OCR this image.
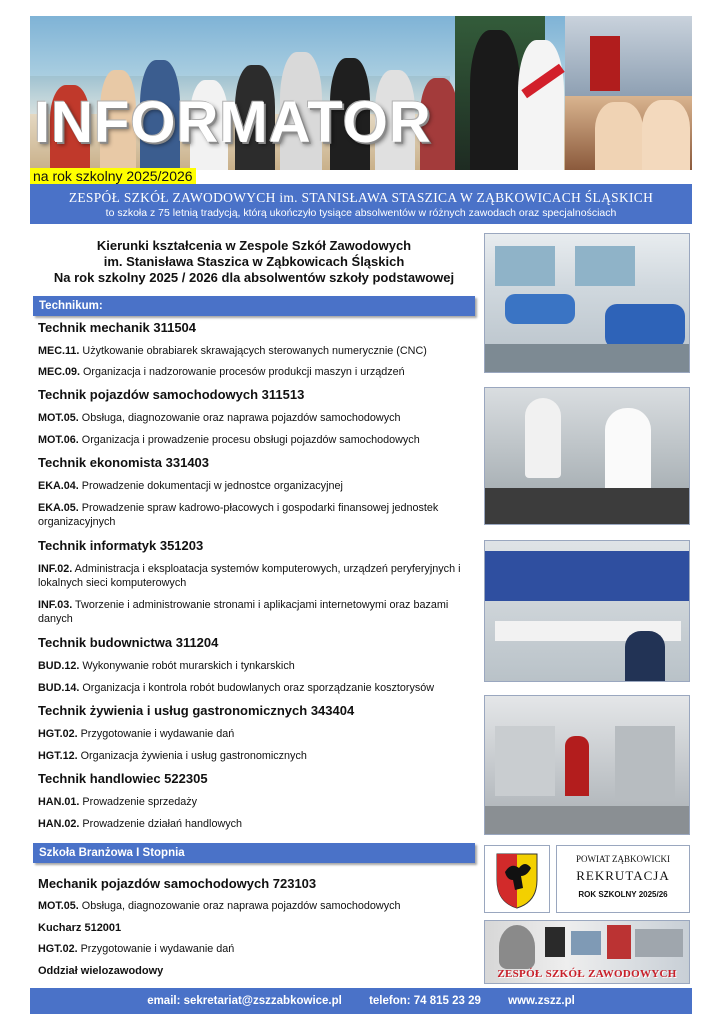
INFORMATOR
na rok szkolny 2025/2026
ZESPÓŁ SZKÓŁ ZAWODOWYCH im. STANISŁAWA STASZICA W ZĄBKOWICACH ŚLĄSKICH
to szkoła z 75 letnią tradycją, którą ukończyło tysiące absolwentów w różnych zawodach oraz specjalnościach
Kierunki kształcenia w Zespole Szkół Zawodowych
im. Stanisława Staszica w Ząbkowicach Śląskich
Na rok szkolny 2025 / 2026 dla absolwentów szkoły podstawowej
Technikum:
Technik mechanik 311504
MEC.11. Użytkowanie obrabiarek skrawających sterowanych numerycznie (CNC)
MEC.09. Organizacja i nadzorowanie procesów produkcji maszyn i urządzeń
Technik pojazdów samochodowych 311513
MOT.05. Obsługa, diagnozowanie oraz naprawa pojazdów samochodowych
MOT.06. Organizacja i prowadzenie procesu obsługi pojazdów samochodowych
Technik ekonomista 331403
EKA.04. Prowadzenie dokumentacji w jednostce organizacyjnej
EKA.05. Prowadzenie spraw kadrowo-płacowych i gospodarki finansowej jednostek organizacyjnych
Technik informatyk 351203
INF.02. Administracja i eksploatacja systemów komputerowych, urządzeń peryferyjnych i lokalnych sieci komputerowych
INF.03. Tworzenie i administrowanie stronami i aplikacjami internetowymi oraz bazami danych
Technik budownictwa 311204
BUD.12. Wykonywanie robót murarskich i tynkarskich
BUD.14. Organizacja i kontrola robót budowlanych oraz sporządzanie kosztorysów
Technik żywienia i usług gastronomicznych 343404
HGT.02. Przygotowanie i wydawanie dań
HGT.12. Organizacja żywienia i usług gastronomicznych
Technik handlowiec 522305
HAN.01. Prowadzenie sprzedaży
HAN.02. Prowadzenie działań handlowych
Szkoła Branżowa I Stopnia
Mechanik pojazdów samochodowych 723103
MOT.05. Obsługa, diagnozowanie oraz naprawa pojazdów samochodowych
Kucharz 512001
HGT.02. Przygotowanie i wydawanie dań
Oddział wielozawodowy
POWIAT ZĄBKOWICKI
REKRUTACJA
ROK SZKOLNY 2025/26
ZESPÓŁ SZKÓŁ ZAWODOWYCH
email: sekretariat@zszzabkowice.pl telefon: 74 815 23 29 www.zszz.pl
